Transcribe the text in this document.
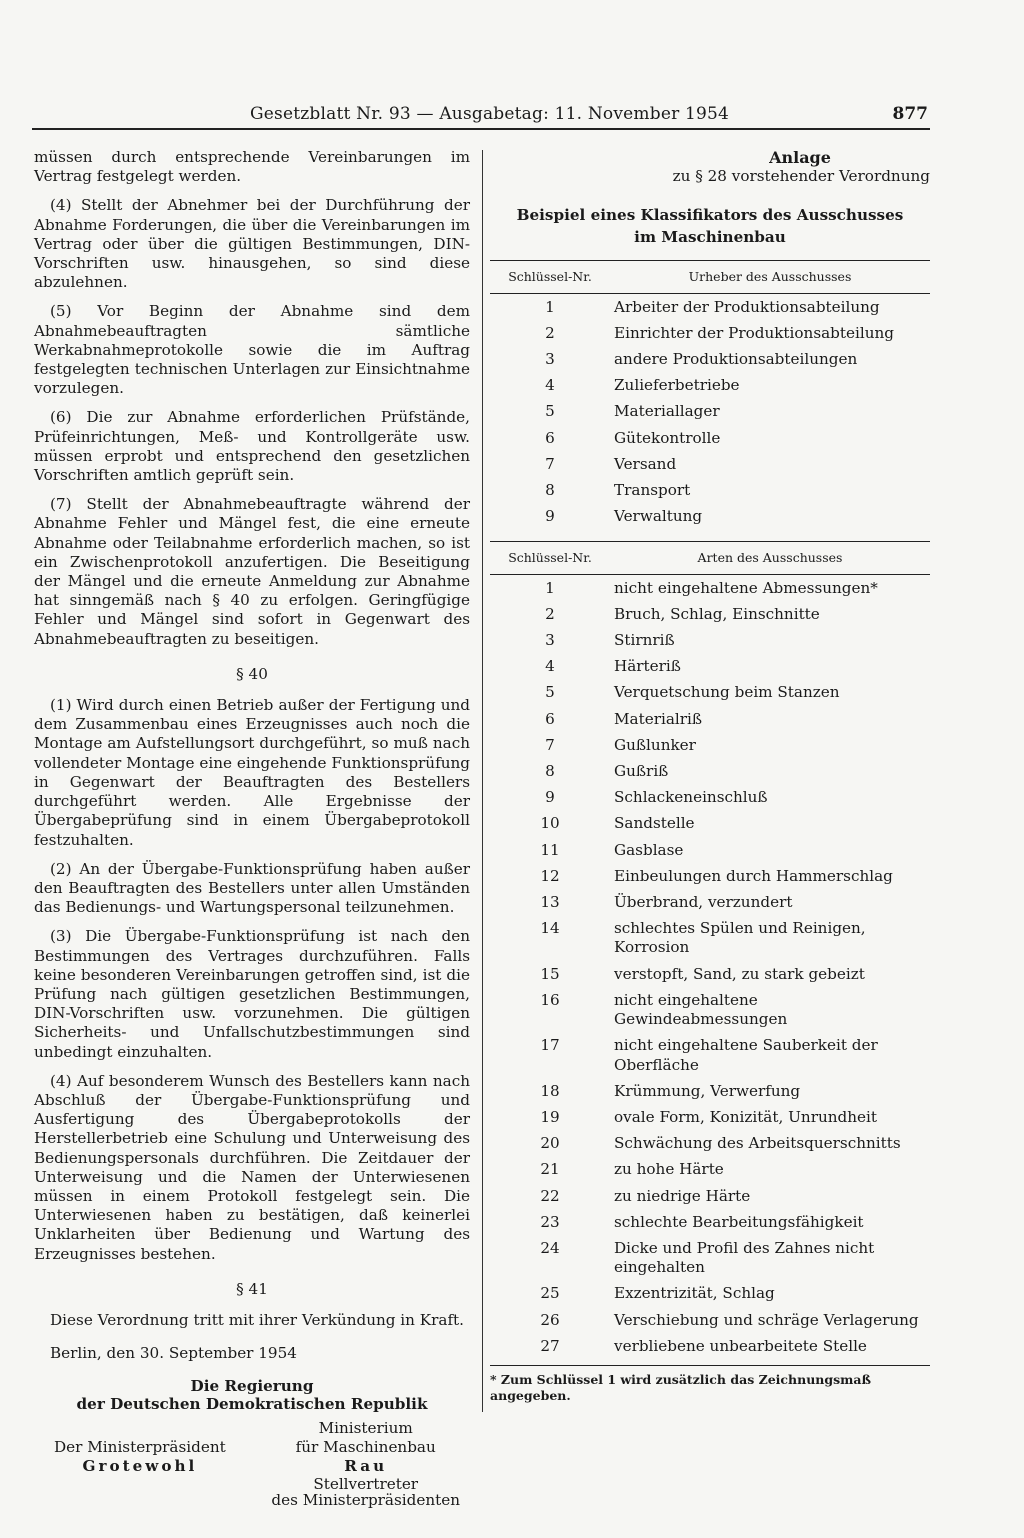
Gesetzblatt Nr. 93 — Ausgabetag: 11. November 1954	877

müssen durch entsprechende Vereinbarungen im Vertrag festgelegt werden.

(4) Stellt der Abnehmer bei der Durchführung der Abnahme Forderungen, die über die Vereinbarungen im Vertrag oder über die gültigen Bestimmungen, DIN-Vorschriften usw. hinausgehen, so sind diese abzulehnen.

(5) Vor Beginn der Abnahme sind dem Abnahmebeauftragten sämtliche Werkabnahmeprotokolle sowie die im Auftrag festgelegten technischen Unterlagen zur Einsichtnahme vorzulegen.

(6) Die zur Abnahme erforderlichen Prüfstände, Prüfeinrichtungen, Meß- und Kontrollgeräte usw. müssen erprobt und entsprechend den gesetzlichen Vorschriften amtlich geprüft sein.

(7) Stellt der Abnahmebeauftragte während der Abnahme Fehler und Mängel fest, die eine erneute Abnahme oder Teilabnahme erforderlich machen, so ist ein Zwischenprotokoll anzufertigen. Die Beseitigung der Mängel und die erneute Anmeldung zur Abnahme hat sinngemäß nach § 40 zu erfolgen. Geringfügige Fehler und Mängel sind sofort in Gegenwart des Abnahmebeauftragten zu beseitigen.

§ 40

(1) Wird durch einen Betrieb außer der Fertigung und dem Zusammenbau eines Erzeugnisses auch noch die Montage am Aufstellungsort durchgeführt, so muß nach vollendeter Montage eine eingehende Funktionsprüfung in Gegenwart der Beauftragten des Bestellers durchgeführt werden. Alle Ergebnisse der Übergabeprüfung sind in einem Übergabeprotokoll festzuhalten.

(2) An der Übergabe-Funktionsprüfung haben außer den Beauftragten des Bestellers unter allen Umständen das Bedienungs- und Wartungspersonal teilzunehmen.

(3) Die Übergabe-Funktionsprüfung ist nach den Bestimmungen des Vertrages durchzuführen. Falls keine besonderen Vereinbarungen getroffen sind, ist die Prüfung nach gültigen gesetzlichen Bestimmungen, DIN-Vorschriften usw. vorzunehmen. Die gültigen Sicherheits- und Unfallschutzbestimmungen sind unbedingt einzuhalten.

(4) Auf besonderem Wunsch des Bestellers kann nach Abschluß der Übergabe-Funktionsprüfung und Ausfertigung des Übergabeprotokolls der Herstellerbetrieb eine Schulung und Unterweisung des Bedienungspersonals durchführen. Die Zeitdauer der Unterweisung und die Namen der Unterwiesenen müssen in einem Protokoll festgelegt sein. Die Unterwiesenen haben zu bestätigen, daß keinerlei Unklarheiten über Bedienung und Wartung des Erzeugnisses bestehen.

§ 41

Diese Verordnung tritt mit ihrer Verkündung in Kraft.

Berlin, den 30. September 1954

Die Regierung
der Deutschen Demokratischen Republik
Der Ministerpräsident
Grotewohl
Ministerium
für Maschinenbau
Rau
Stellvertreter
des Ministerpräsidenten
Anlage
zu § 28 vorstehender Verordnung
Beispiel eines Klassifikators des Ausschusses
im Maschinenbau
Schlüssel-Nr.	Urheber des Ausschusses
1	Arbeiter der Produktionsabteilung
2	Einrichter der Produktionsabteilung
3	andere Produktionsabteilungen
4	Zulieferbetriebe
5	Materiallager
6	Gütekontrolle
7	Versand
8	Transport
9	Verwaltung
Schlüssel-Nr.	Arten des Ausschusses
1	nicht eingehaltene Abmessungen*
2	Bruch, Schlag, Einschnitte
3	Stirnriß
4	Härteriß
5	Verquetschung beim Stanzen
6	Materialriß
7	Gußlunker
8	Gußriß
9	Schlackeneinschluß
10	Sandstelle
11	Gasblase
12	Einbeulungen durch Hammerschlag
13	Überbrand, verzundert
14	schlechtes Spülen und Reinigen, Korrosion
15	verstopft, Sand, zu stark gebeizt
16	nicht eingehaltene Gewindeabmessungen
17	nicht eingehaltene Sauberkeit der Oberfläche
18	Krümmung, Verwerfung
19	ovale Form, Konizität, Unrundheit
20	Schwächung des Arbeitsquerschnitts
21	zu hohe Härte
22	zu niedrige Härte
23	schlechte Bearbeitungsfähigkeit
24	Dicke und Profil des Zahnes nicht eingehalten
25	Exzentrizität, Schlag
26	Verschiebung und schräge Verlagerung
27	verbliebene unbearbeitete Stelle
* Zum Schlüssel 1 wird zusätzlich das Zeichnungsmaß angegeben.
